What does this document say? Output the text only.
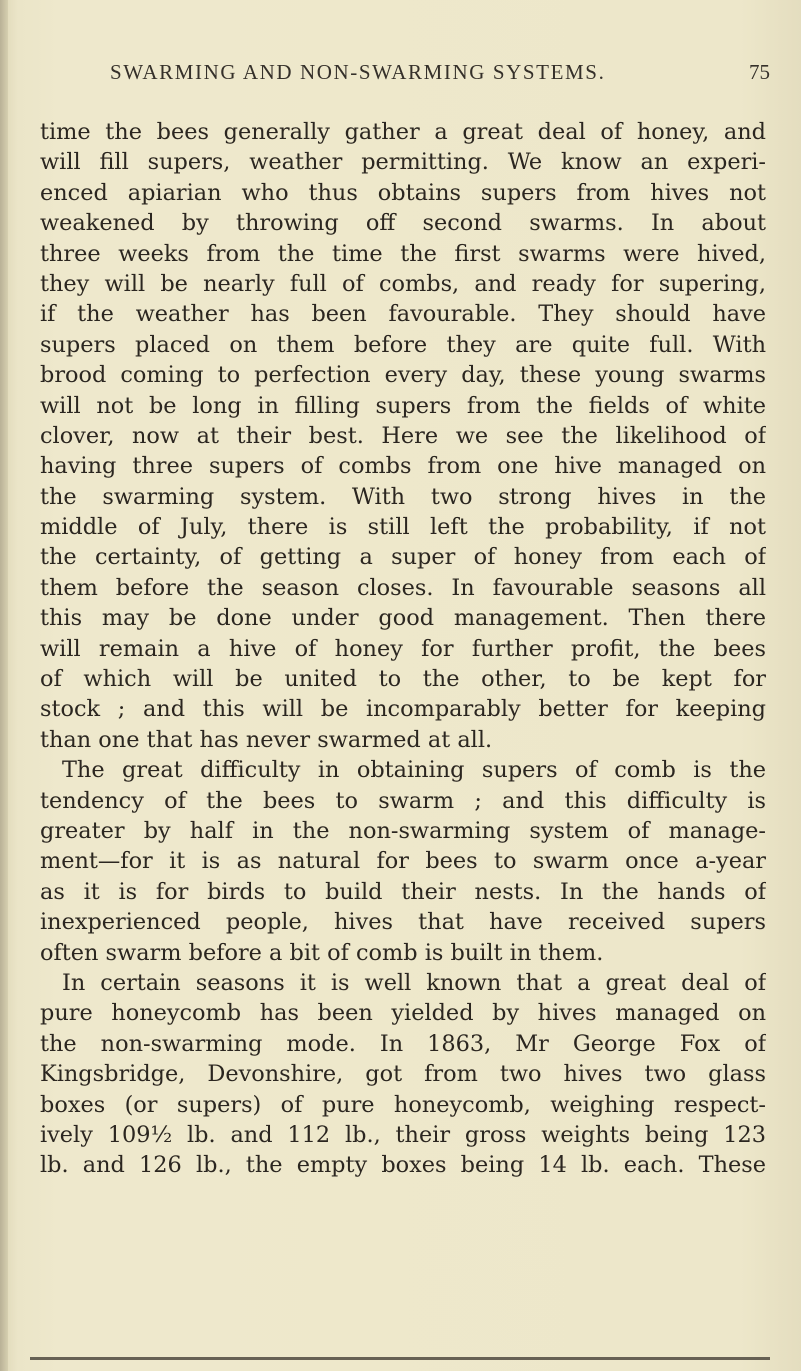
SWARMING AND NON-SWARMING SYSTEMS.	75
time the bees generally gather a great deal of honey, and
will fill supers, weather permitting. We know an experi-
enced apiarian who thus obtains supers from hives not
weakened by throwing off second swarms. In about
three weeks from the time the first swarms were hived,
they will be nearly full of combs, and ready for supering,
if the weather has been favourable. They should have
supers placed on them before they are quite full. With
brood coming to perfection every day, these young swarms
will not be long in filling supers from the fields of white
clover, now at their best. Here we see the likelihood of
having three supers of combs from one hive managed on
the swarming system. With two strong hives in the
middle of July, there is still left the probability, if not
the certainty, of getting a super of honey from each of
them before the season closes. In favourable seasons all
this may be done under good management. Then there
will remain a hive of honey for further profit, the bees
of which will be united to the other, to be kept for
stock ; and this will be incomparably better for keeping
than one that has never swarmed at all.
The great difficulty in obtaining supers of comb is the
tendency of the bees to swarm ; and this difficulty is
greater by half in the non-swarming system of manage-
ment—for it is as natural for bees to swarm once a-year
as it is for birds to build their nests. In the hands of
inexperienced people, hives that have received supers
often swarm before a bit of comb is built in them.
In certain seasons it is well known that a great deal of
pure honeycomb has been yielded by hives managed on
the non-swarming mode. In 1863, Mr George Fox of
Kingsbridge, Devonshire, got from two hives two glass
boxes (or supers) of pure honeycomb, weighing respect-
ively 109½ lb. and 112 lb., their gross weights being 123
lb. and 126 lb., the empty boxes being 14 lb. each. These
